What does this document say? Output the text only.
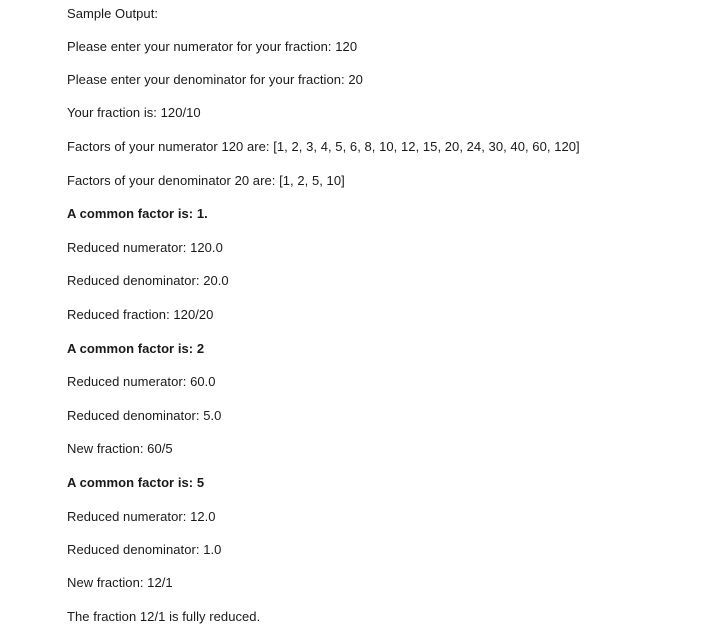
Sample Output:

Please enter your numerator for your fraction: 120

Please enter your denominator for your fraction: 20

Your fraction is: 120/10

Factors of your numerator 120 are: [1, 2, 3, 4, 5, 6, 8, 10, 12, 15, 20, 24, 30, 40, 60, 120]

Factors of your denominator 20 are: [1, 2, 5, 10]

A common factor is: 1.

Reduced numerator: 120.0

Reduced denominator: 20.0

Reduced fraction: 120/20

A common factor is: 2

Reduced numerator: 60.0

Reduced denominator: 5.0

New fraction: 60/5

A common factor is: 5

Reduced numerator: 12.0

Reduced denominator: 1.0

New fraction: 12/1

The fraction 12/1 is fully reduced.
